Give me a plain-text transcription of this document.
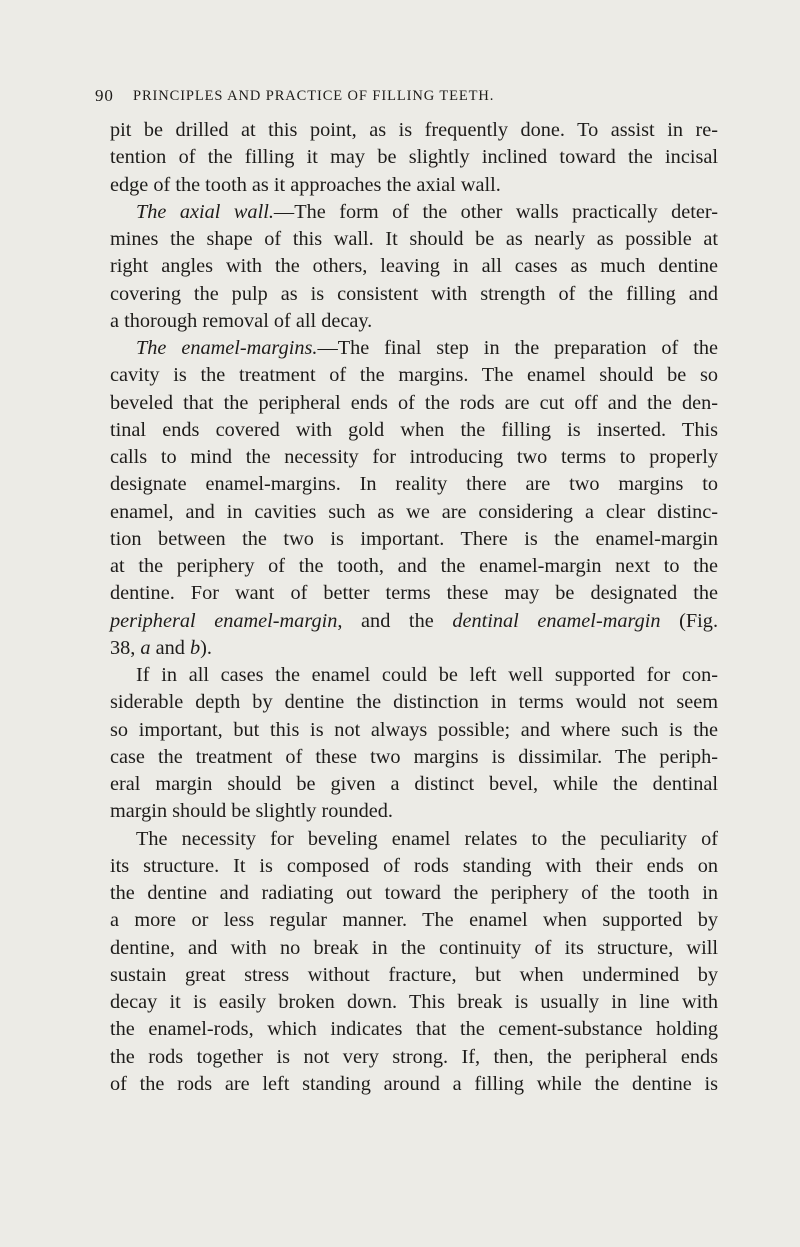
90 PRINCIPLES AND PRACTICE OF FILLING TEETH.
pit be drilled at this point, as is frequently done. To assist in re-
tention of the filling it may be slightly inclined toward the incisal
edge of the tooth as it approaches the axial wall.
The axial wall.—The form of the other walls practically deter-
mines the shape of this wall. It should be as nearly as possible at
right angles with the others, leaving in all cases as much dentine
covering the pulp as is consistent with strength of the filling and
a thorough removal of all decay.
The enamel-margins.—The final step in the preparation of the
cavity is the treatment of the margins. The enamel should be so
beveled that the peripheral ends of the rods are cut off and the den-
tinal ends covered with gold when the filling is inserted. This
calls to mind the necessity for introducing two terms to properly
designate enamel-margins. In reality there are two margins to
enamel, and in cavities such as we are considering a clear distinc-
tion between the two is important. There is the enamel-margin
at the periphery of the tooth, and the enamel-margin next to the
dentine. For want of better terms these may be designated the
peripheral enamel-margin, and the dentinal enamel-margin (Fig.
38, a and b).
If in all cases the enamel could be left well supported for con-
siderable depth by dentine the distinction in terms would not seem
so important, but this is not always possible; and where such is the
case the treatment of these two margins is dissimilar. The periph-
eral margin should be given a distinct bevel, while the dentinal
margin should be slightly rounded.
The necessity for beveling enamel relates to the peculiarity of
its structure. It is composed of rods standing with their ends on
the dentine and radiating out toward the periphery of the tooth in
a more or less regular manner. The enamel when supported by
dentine, and with no break in the continuity of its structure, will
sustain great stress without fracture, but when undermined by
decay it is easily broken down. This break is usually in line with
the enamel-rods, which indicates that the cement-substance holding
the rods together is not very strong. If, then, the peripheral ends
of the rods are left standing around a filling while the dentine is
